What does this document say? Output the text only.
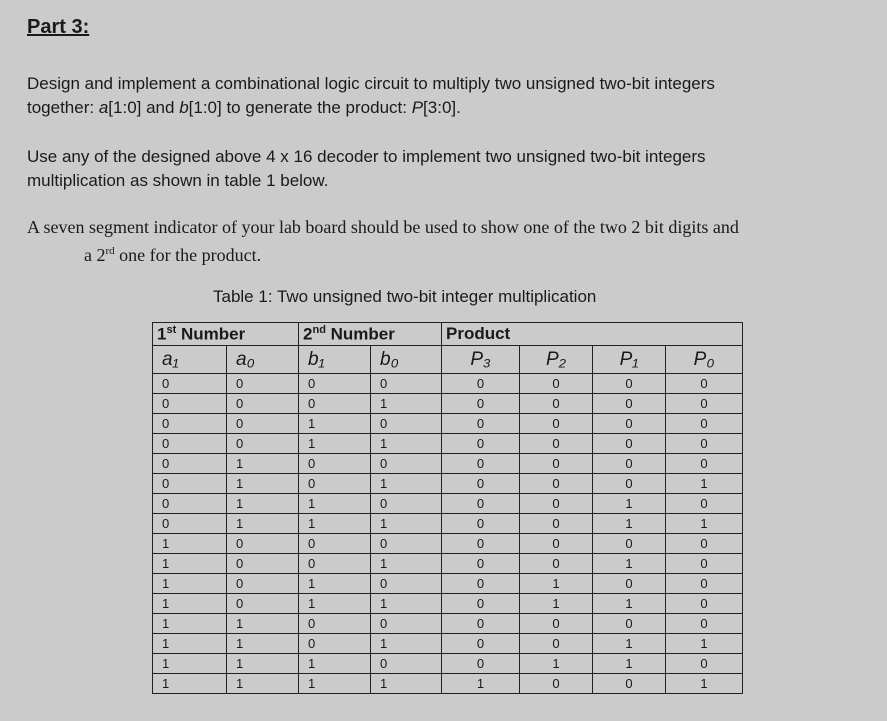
Part 3:
Design and implement a combinational logic circuit to multiply two unsigned two-bit integers
together: a[1:0] and b[1:0] to generate the product: P[3:0].
Use any of the designed above 4 x 16 decoder to implement two unsigned two-bit integers
multiplication as shown in table 1 below.
A seven segment indicator of your lab board should be used to show one of the two 2 bit digits and
a 2rd one for the product.
Table 1: Two unsigned two-bit integer multiplication
1st Number		2nd Number		Product			
a₁	a₀	b₁	b₀	P₃	P₂	P₁	P₀
0	0	0	0	0	0	0	0
0	0	0	1	0	0	0	0
0	0	1	0	0	0	0	0
0	0	1	1	0	0	0	0
0	1	0	0	0	0	0	0
0	1	0	1	0	0	0	1
0	1	1	0	0	0	1	0
0	1	1	1	0	0	1	1
1	0	0	0	0	0	0	0
1	0	0	1	0	0	1	0
1	0	1	0	0	1	0	0
1	0	1	1	0	1	1	0
1	1	0	0	0	0	0	0
1	1	0	1	0	0	1	1
1	1	1	0	0	1	1	0
1	1	1	1	1	0	0	1
